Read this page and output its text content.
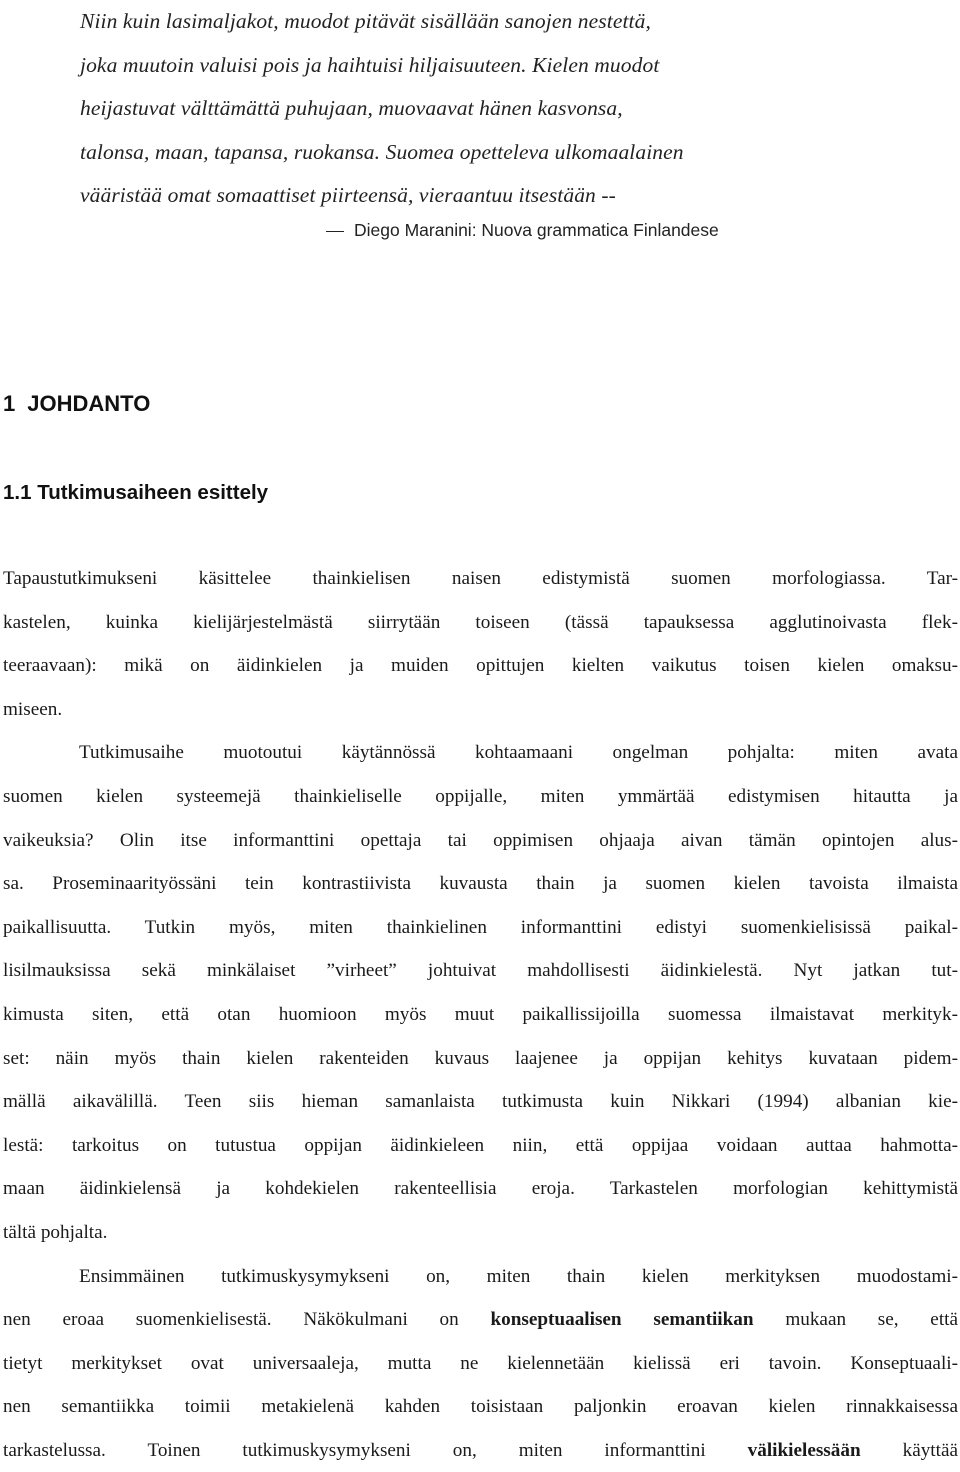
Niin kuin lasimaljakot, muodot pitävät sisällään sanojen nestettä,
joka muutoin valuisi pois ja haihtuisi hiljaisuuteen. Kielen muodot
heijastuvat välttämättä puhujaan, muovaavat hänen kasvonsa,
talonsa, maan, tapansa, ruokansa. Suomea opetteleva ulkomaalainen
vääristää omat somaattiset piirteensä, vieraantuu itsestään --
Diego Maranini: Nuova grammatica Finlandese
1 JOHDANTO
1.1 Tutkimusaiheen esittely
Tapaustutkimukseni käsittelee thainkielisen naisen edistymistä suomen morfologiassa. Tar-
kastelen, kuinka kielijärjestelmästä siirrytään toiseen (tässä tapauksessa agglutinoivasta flek-
teeraavaan): mikä on äidinkielen ja muiden opittujen kielten vaikutus toisen kielen omaksu-
miseen.
Tutkimusaihe muotoutui käytännössä kohtaamaani ongelman pohjalta: miten avata
suomen kielen systeemejä thainkieliselle oppijalle, miten ymmärtää edistymisen hitautta ja
vaikeuksia? Olin itse informanttini opettaja tai oppimisen ohjaaja aivan tämän opintojen alus-
sa. Proseminaarityössäni tein kontrastiivista kuvausta thain ja suomen kielen tavoista ilmaista
paikallisuutta. Tutkin myös, miten thainkielinen informanttini edistyi suomenkielisissä paikal-
lisilmauksissa sekä minkälaiset ”virheet” johtuivat mahdollisesti äidinkielestä. Nyt jatkan tut-
kimusta siten, että otan huomioon myös muut paikallissijoilla suomessa ilmaistavat merkityk-
set: näin myös thain kielen rakenteiden kuvaus laajenee ja oppijan kehitys kuvataan pidem-
mällä aikavälillä. Teen siis hieman samanlaista tutkimusta kuin Nikkari (1994) albanian kie-
lestä: tarkoitus on tutustua oppijan äidinkieleen niin, että oppijaa voidaan auttaa hahmotta-
maan äidinkielensä ja kohdekielen rakenteellisia eroja. Tarkastelen morfologian kehittymistä
tältä pohjalta.
Ensimmäinen tutkimuskysymykseni on, miten thain kielen merkityksen muodostami-
nen eroaa suomenkielisestä. Näkökulmani on konseptuaalisen semantiikan mukaan se, että
tietyt merkitykset ovat universaaleja, mutta ne kielennetään kielissä eri tavoin. Konseptuaali-
nen semantiikka toimii metakielenä kahden toisistaan paljonkin eroavan kielen rinnakkaisessa
tarkastelussa. Toinen tutkimuskysymykseni on, miten informanttini välikielessään käyttää
